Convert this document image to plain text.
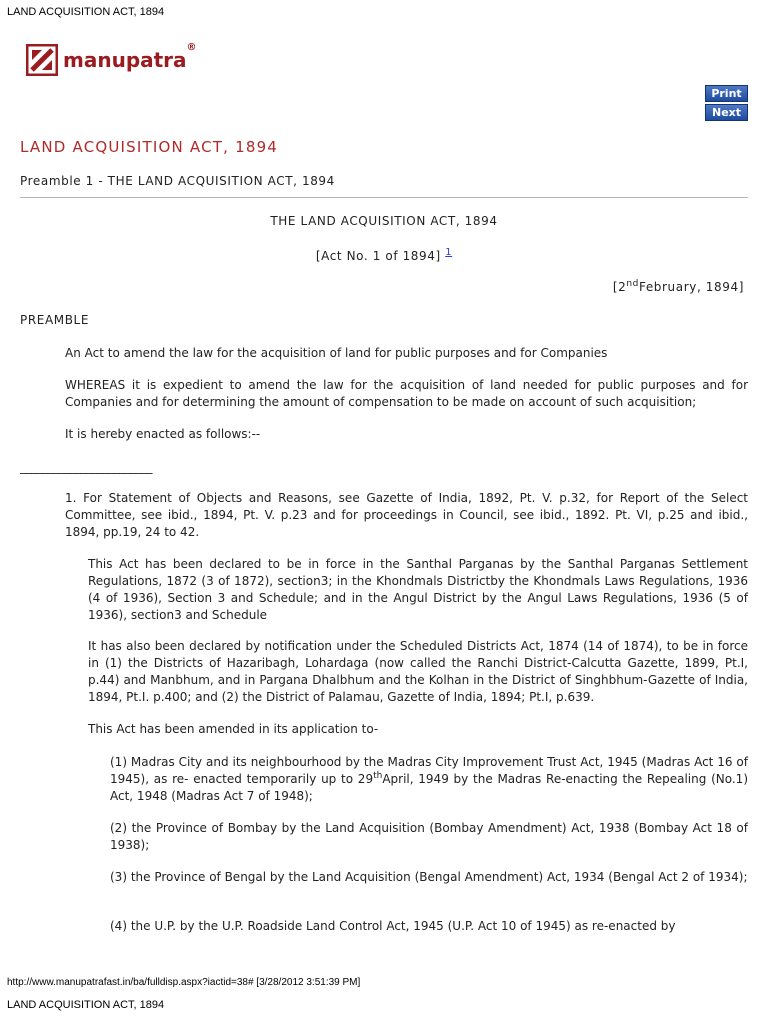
LAND ACQUISITION ACT, 1894
manupatra®
Print
Next
LAND ACQUISITION ACT, 1894
Preamble 1 - THE LAND ACQUISITION ACT, 1894
THE LAND ACQUISITION ACT, 1894
[Act No. 1 of 1894] $^1$
[2ndFebruary, 1894]
PREAMBLE

An Act to amend the law for the acquisition of land for public purposes and for Companies

WHEREAS it is expedient to amend the law for the acquisition of land needed for public purposes and for Companies and for determining the amount of compensation to be made on account of such acquisition;

It is hereby enacted as follows:--

________________________

1. For Statement of Objects and Reasons, see Gazette of India, 1892, Pt. V. p.32, for Report of the Select Committee, see ibid., 1894, Pt. V. p.23 and for proceedings in Council, see ibid., 1892. Pt. VI, p.25 and ibid., 1894, pp.19, 24 to 42.

This Act has been declared to be in force in the Santhal Parganas by the Santhal Parganas Settlement Regulations, 1872 (3 of 1872), section3; in the Khondmals Districtby the Khondmals Laws Regulations, 1936 (4 of 1936), Section 3 and Schedule; and in the Angul District by the Angul Laws Regulations, 1936 (5 of 1936), section3 and Schedule

It has also been declared by notification under the Scheduled Districts Act, 1874 (14 of 1874), to be in force in (1) the Districts of Hazaribagh, Lohardaga (now called the Ranchi District-Calcutta Gazette, 1899, Pt.I, p.44) and Manbhum, and in Pargana Dhalbhum and the Kolhan in the District of Singhbhum-Gazette of India, 1894, Pt.I. p.400; and (2) the District of Palamau, Gazette of India, 1894; Pt.I, p.639.

This Act has been amended in its application to-

(1) Madras City and its neighbourhood by the Madras City Improvement Trust Act, 1945 (Madras Act 16 of 1945), as re- enacted temporarily up to 29thApril, 1949 by the Madras Re-enacting the Repealing (No.1) Act, 1948 (Madras Act 7 of 1948);

(2) the Province of Bombay by the Land Acquisition (Bombay Amendment) Act, 1938 (Bombay Act 18 of 1938);

(3) the Province of Bengal by the Land Acquisition (Bengal Amendment) Act, 1934 (Bengal Act 2 of 1934);

(4) the U.P. by the U.P. Roadside Land Control Act, 1945 (U.P. Act 10 of 1945) as re-enacted by

http://www.manupatrafast.in/ba/fulldisp.aspx?iactid=38# [3/28/2012 3:51:39 PM]
LAND ACQUISITION ACT, 1894
